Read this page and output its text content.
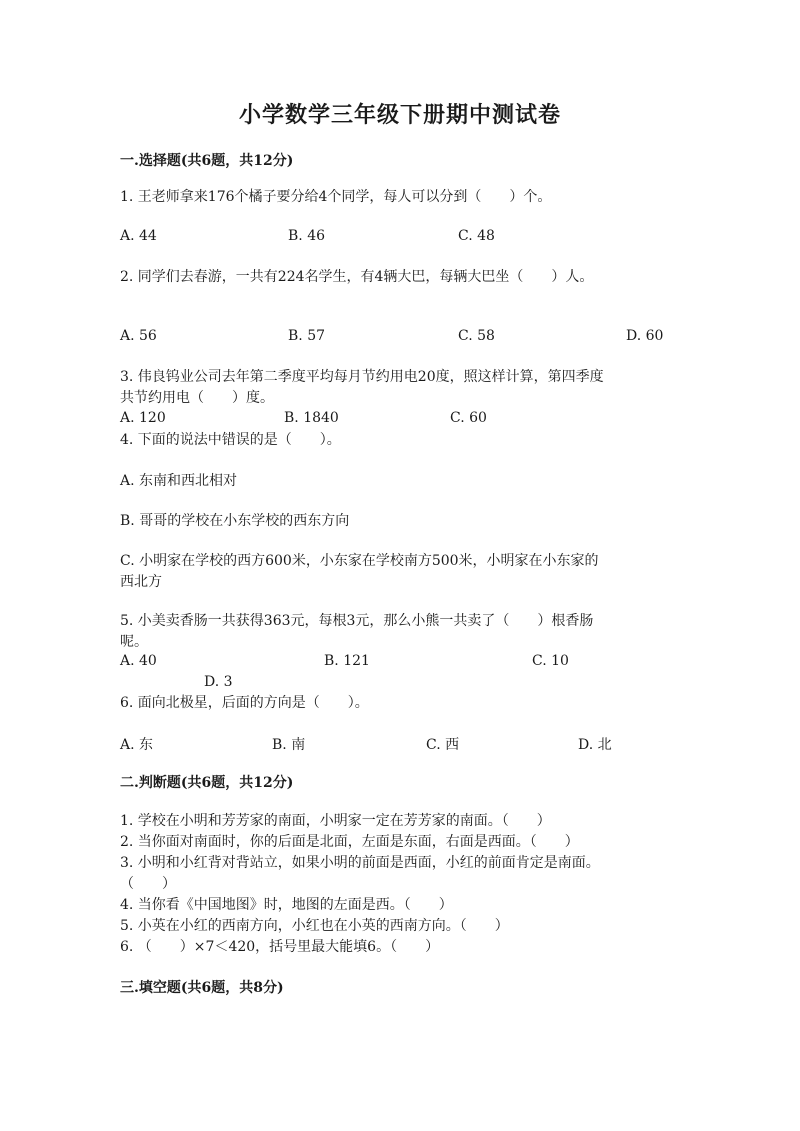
小学数学三年级下册期中测试卷
一.选择题(共6题，共12分)
1. 王老师拿来176个橘子要分给4个同学，每人可以分到（　　）个。
A. 44	B. 46	C. 48
2. 同学们去春游，一共有224名学生，有4辆大巴，每辆大巴坐（　　）人。
A. 56	B. 57	C. 58	D. 60
3. 伟良钨业公司去年第二季度平均每月节约用电20度，照这样计算，第四季度
共节约用电（　　）度。
A. 120	B. 1840	C. 60
4. 下面的说法中错误的是（　　）。
A. 东南和西北相对
B. 哥哥的学校在小东学校的西东方向
C. 小明家在学校的西方600米，小东家在学校南方500米，小明家在小东家的
西北方
5. 小美卖香肠一共获得363元，每根3元，那么小熊一共卖了（　　）根香肠
呢。
A. 40	B. 121	C. 10
D. 3
6. 面向北极星，后面的方向是（　　）。
A. 东	B. 南	C. 西	D. 北
二.判断题(共6题，共12分)
1. 学校在小明和芳芳家的南面，小明家一定在芳芳家的南面。（　　）
2. 当你面对南面时，你的后面是北面，左面是东面，右面是西面。（　　）
3. 小明和小红背对背站立，如果小明的前面是西面，小红的前面肯定是南面。
（　　）
4. 当你看《中国地图》时，地图的左面是西。（　　）
5. 小英在小红的西南方向，小红也在小英的西南方向。（　　）
6. （　　）×7＜420，括号里最大能填6。（　　）
三.填空题(共6题，共8分)
